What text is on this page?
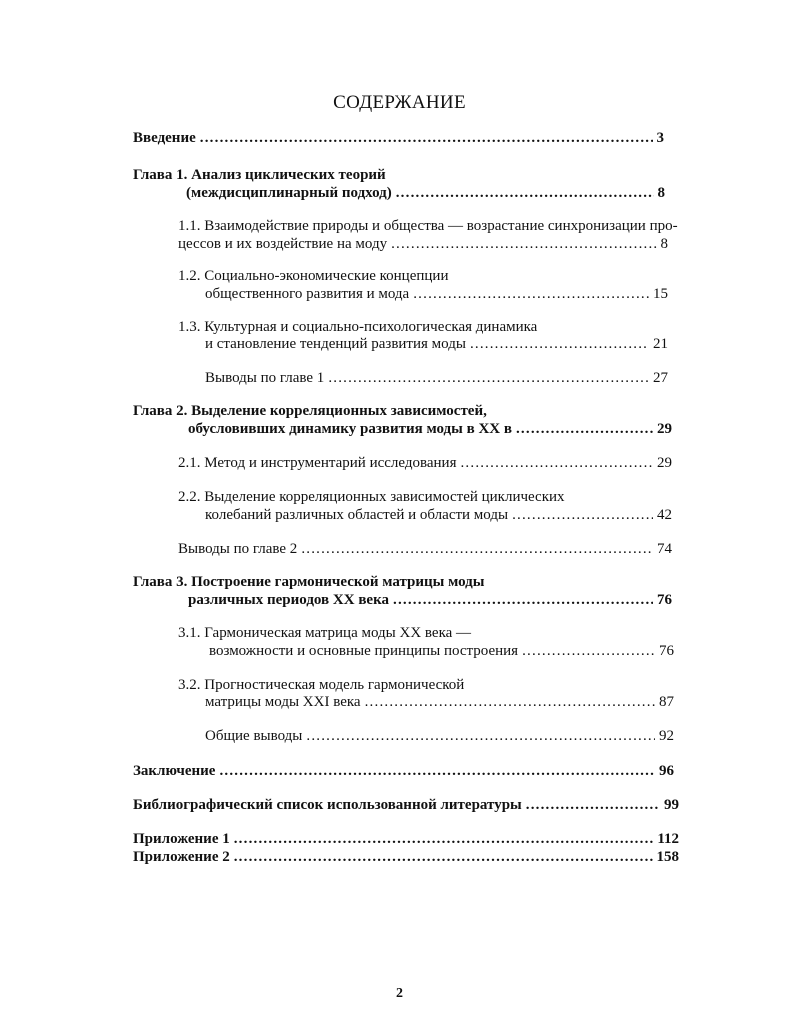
СОДЕРЖАНИЕ
Введение .....	3
Глава 1. Анализ циклических теорий
(междисциплинарный подход) .....	8
1.1. Взаимодействие природы и общества — возрастание синхронизации про-
цессов и их воздействие на моду .....	8
1.2. Социально-экономические концепции
общественного развития и мода .....	15
1.3. Культурная и социально-психологическая динамика
и становление тенденций развития моды .....	21
Выводы по главе 1 .....	27
Глава 2. Выделение корреляционных зависимостей,
обусловивших динамику развития моды в XX в .....	29
2.1. Метод и инструментарий исследования .....	29
2.2. Выделение корреляционных зависимостей циклических
колебаний различных областей и области моды .....	42
Выводы по главе 2 .....	74
Глава 3. Построение гармонической матрицы моды
различных периодов XX века .....	76
3.1. Гармоническая матрица моды XX века —
возможности и основные принципы построения .....	76
3.2. Прогностическая модель гармонической
матрицы моды XXI века .....	87
Общие выводы .....	92
Заключение .....	96
Библиографический список использованной литературы .....	99
Приложение 1 .....	112
Приложение 2 .....	158
2
